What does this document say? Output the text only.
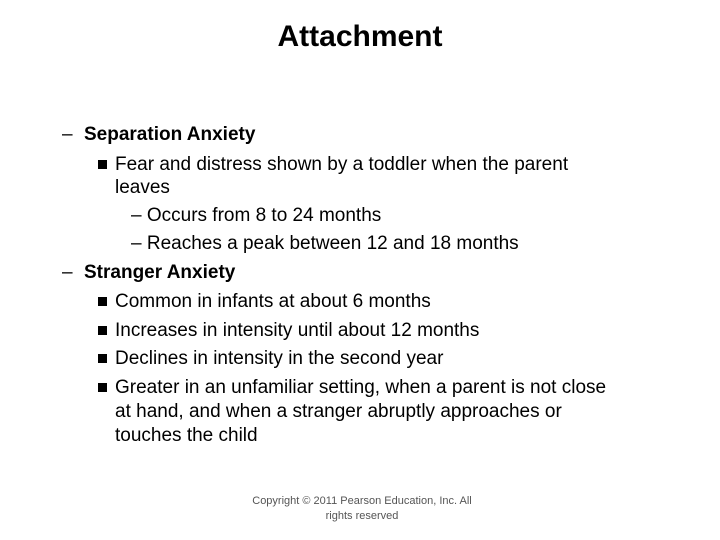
Attachment
– Separation Anxiety
Fear and distress shown by a toddler when the parent
leaves
– Occurs from 8 to 24 months
– Reaches a peak between 12 and 18 months
– Stranger Anxiety
Common in infants at about 6 months
Increases in intensity until about 12 months
Declines in intensity in the second year
Greater in an unfamiliar setting, when a parent is not close
at hand, and when a stranger abruptly approaches or
touches the child
Copyright © 2011 Pearson Education, Inc. All
rights reserved
